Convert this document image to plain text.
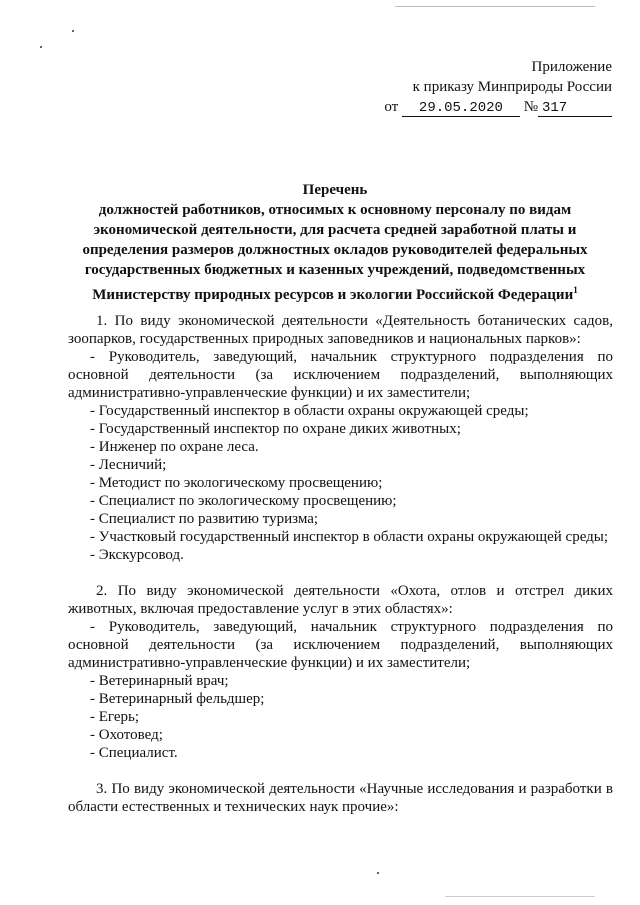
Приложение
к приказу Минприроды России
от 29.05.2020 № 317
Перечень
должностей работников, относимых к основному персоналу по видам экономической деятельности, для расчета средней заработной платы и определения размеров должностных окладов руководителей федеральных государственных бюджетных и казенных учреждений, подведомственных Министерству природных ресурсов и экологии Российской Федерации$^1$

1. По виду экономической деятельности «Деятельность ботанических садов, зоопарков, государственных природных заповедников и национальных парков»:

- Руководитель, заведующий, начальник структурного подразделения по основной деятельности (за исключением подразделений, выполняющих административно-управленческие функции) и их заместители;

- Государственный инспектор в области охраны окружающей среды;

- Государственный инспектор по охране диких животных;

- Инженер по охране леса.

- Лесничий;

- Методист по экологическому просвещению;

- Специалист по экологическому просвещению;

- Специалист по развитию туризма;

- Участковый государственный инспектор в области охраны окружающей среды;

- Экскурсовод.

2. По виду экономической деятельности «Охота, отлов и отстрел диких животных, включая предоставление услуг в этих областях»:

- Руководитель, заведующий, начальник структурного подразделения по основной деятельности (за исключением подразделений, выполняющих административно-управленческие функции) и их заместители;

- Ветеринарный врач;

- Ветеринарный фельдшер;

- Егерь;

- Охотовед;

- Специалист.

3. По виду экономической деятельности «Научные исследования и разработки в области естественных и технических наук прочие»:
